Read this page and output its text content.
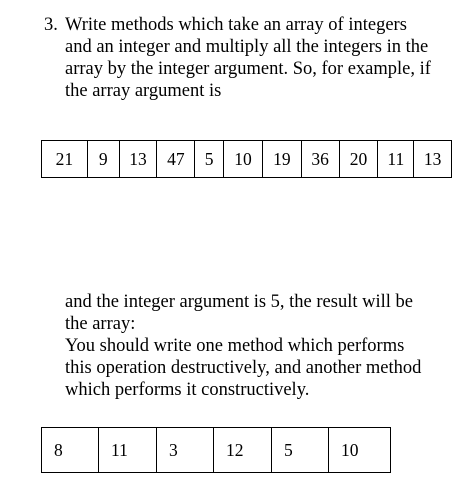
3. Write methods which take an array of integers
and an integer and multiply all the integers in the
array by the integer argument. So, for example, if
the array argument is
21	9	13	47	5	10	19	36	20	11	13
and the integer argument is 5, the result will be
the array:
You should write one method which performs
this operation destructively, and another method
which performs it constructively.
8	11	3	12	5	10
